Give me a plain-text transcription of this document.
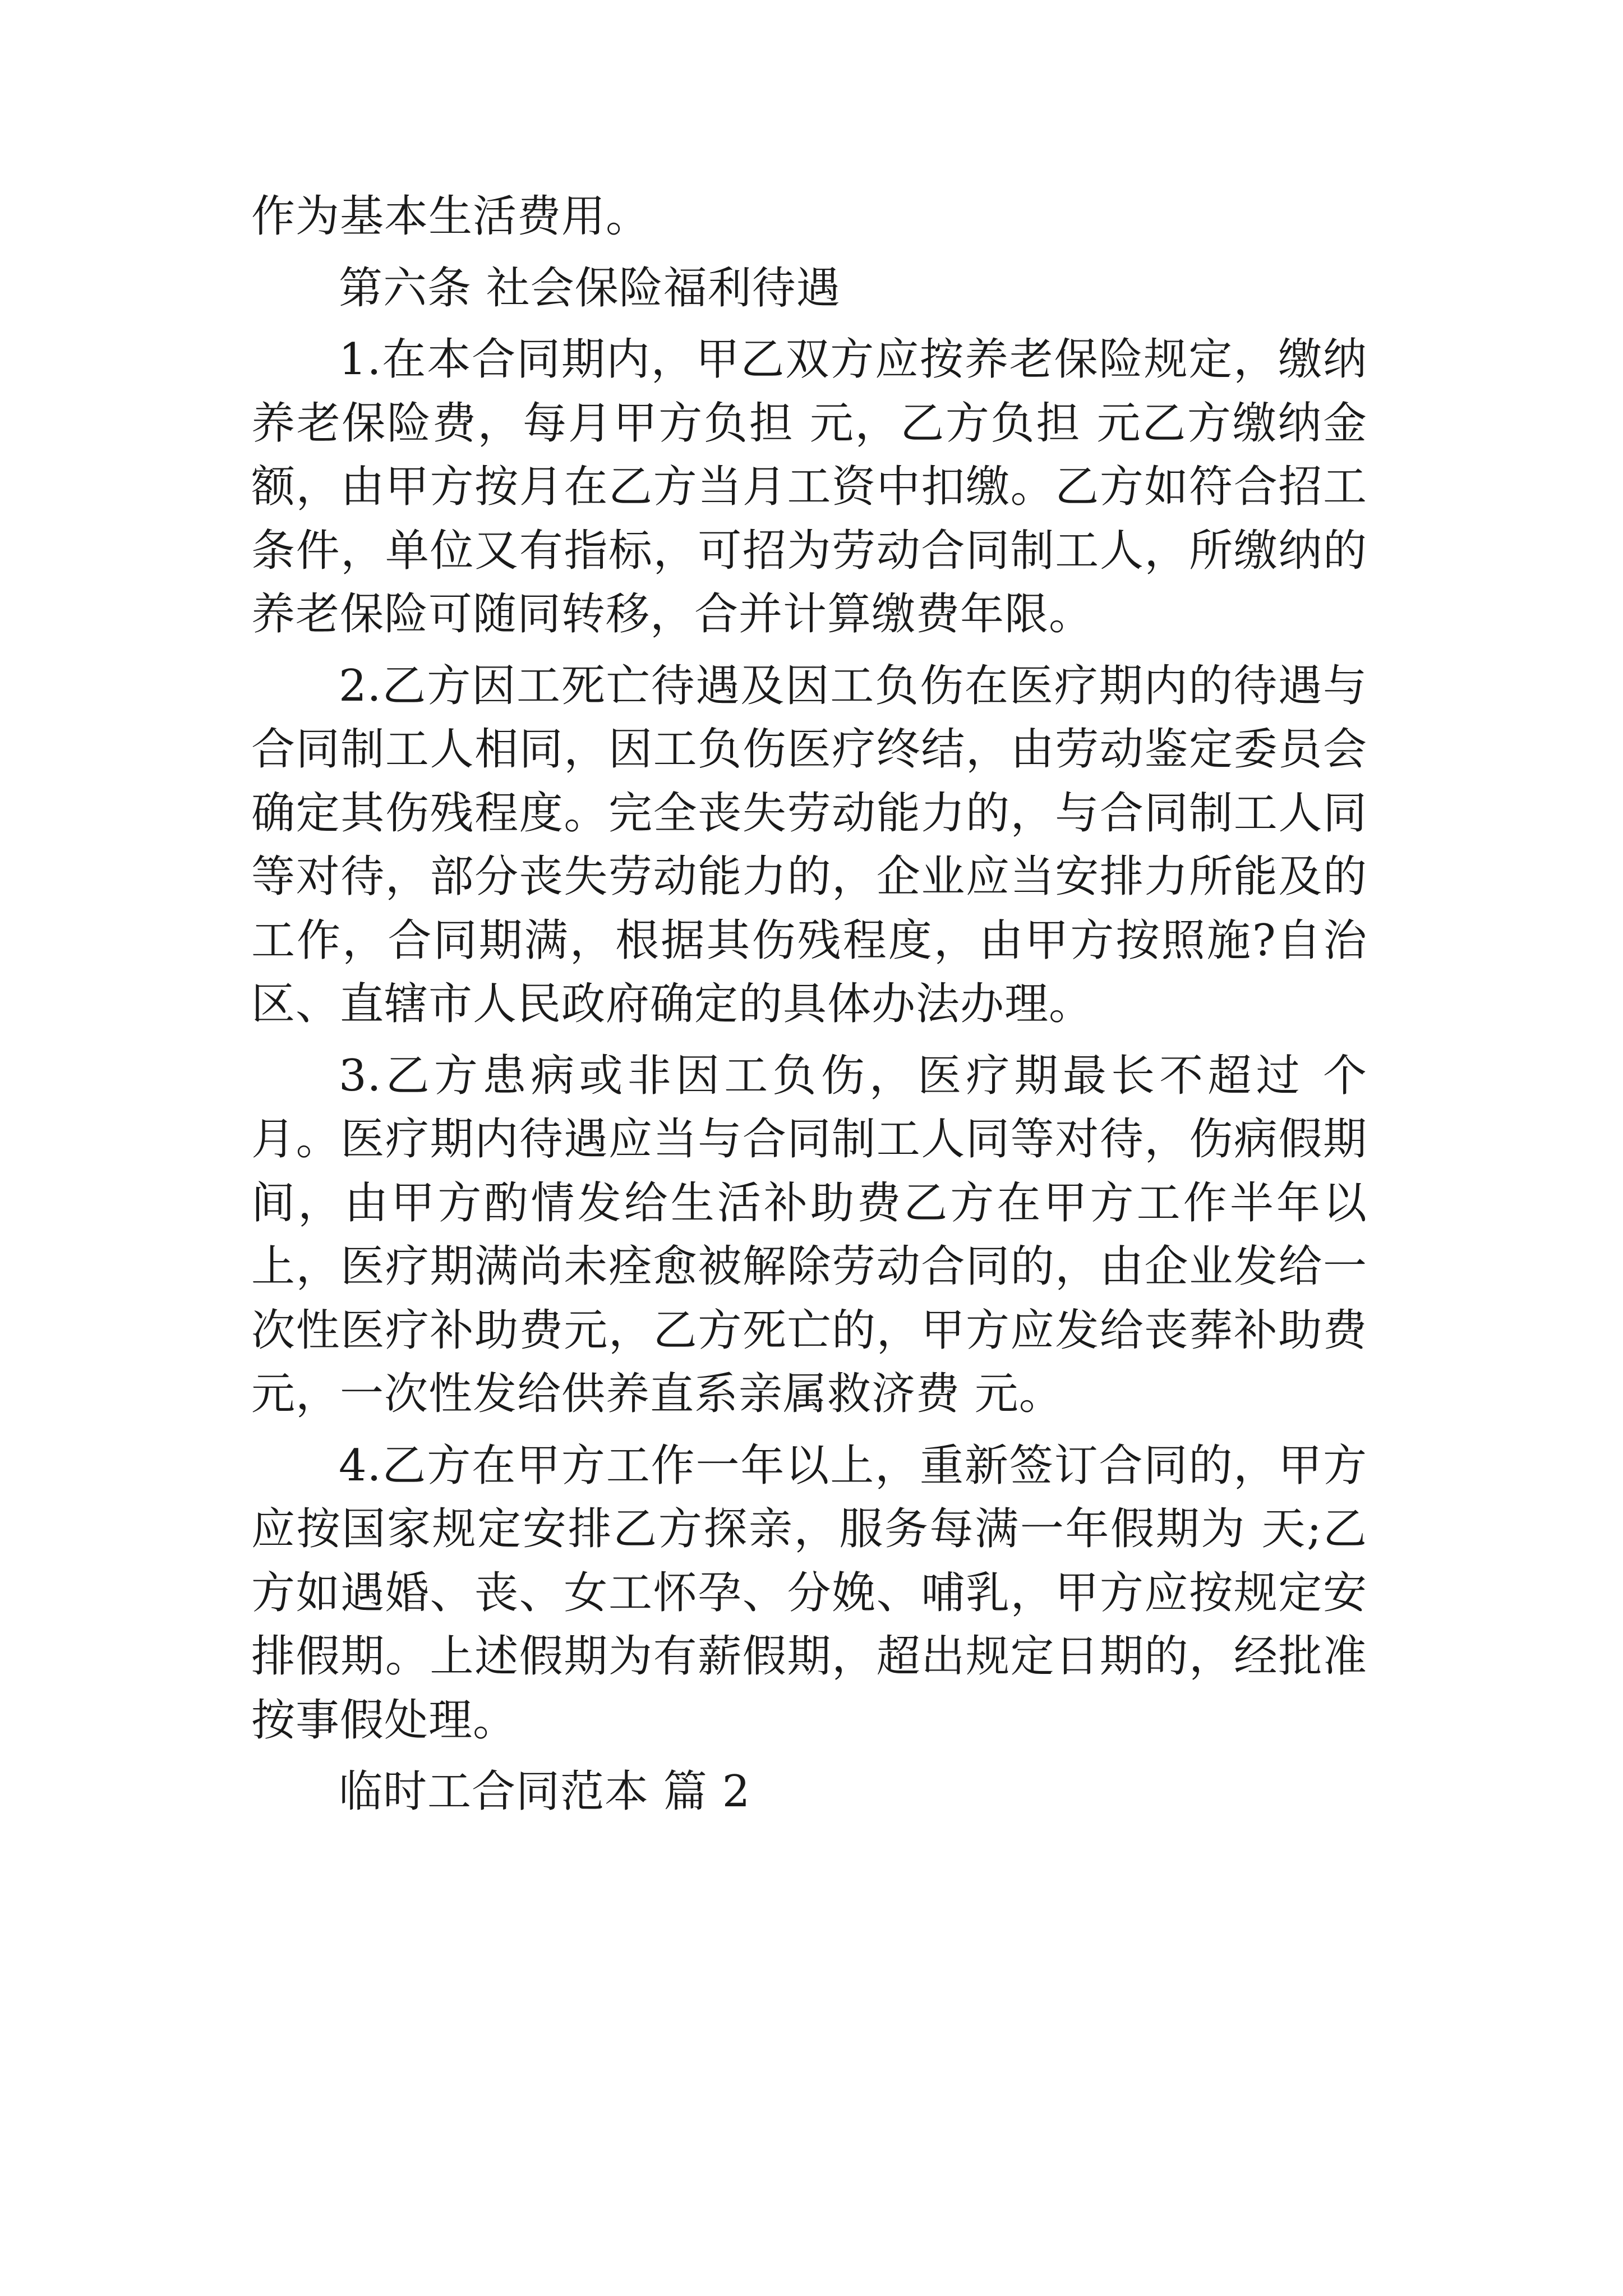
作为基本生活费用。

第六条 社会保险福利待遇

1.在本合同期内，甲乙双方应按养老保险规定，缴纳养老保险费，每月甲方负担 元，乙方负担 元乙方缴纳金额，由甲方按月在乙方当月工资中扣缴。乙方如符合招工条件，单位又有指标，可招为劳动合同制工人，所缴纳的养老保险可随同转移，合并计算缴费年限。

2.乙方因工死亡待遇及因工负伤在医疗期内的待遇与合同制工人相同，因工负伤医疗终结，由劳动鉴定委员会确定其伤残程度。完全丧失劳动能力的，与合同制工人同等对待，部分丧失劳动能力的，企业应当安排力所能及的工作，合同期满，根据其伤残程度，由甲方按照施?自治区、直辖市人民政府确定的具体办法办理。

3.乙方患病或非因工负伤，医疗期最长不超过 个月。医疗期内待遇应当与合同制工人同等对待，伤病假期间，由甲方酌情发给生活补助费乙方在甲方工作半年以上，医疗期满尚未痊愈被解除劳动合同的，由企业发给一次性医疗补助费元，乙方死亡的，甲方应发给丧葬补助费 元，一次性发给供养直系亲属救济费 元。

4.乙方在甲方工作一年以上，重新签订合同的，甲方应按国家规定安排乙方探亲，服务每满一年假期为 天;乙方如遇婚、丧、女工怀孕、分娩、哺乳，甲方应按规定安排假期。上述假期为有薪假期，超出规定日期的，经批准按事假处理。

临时工合同范本 篇 2
